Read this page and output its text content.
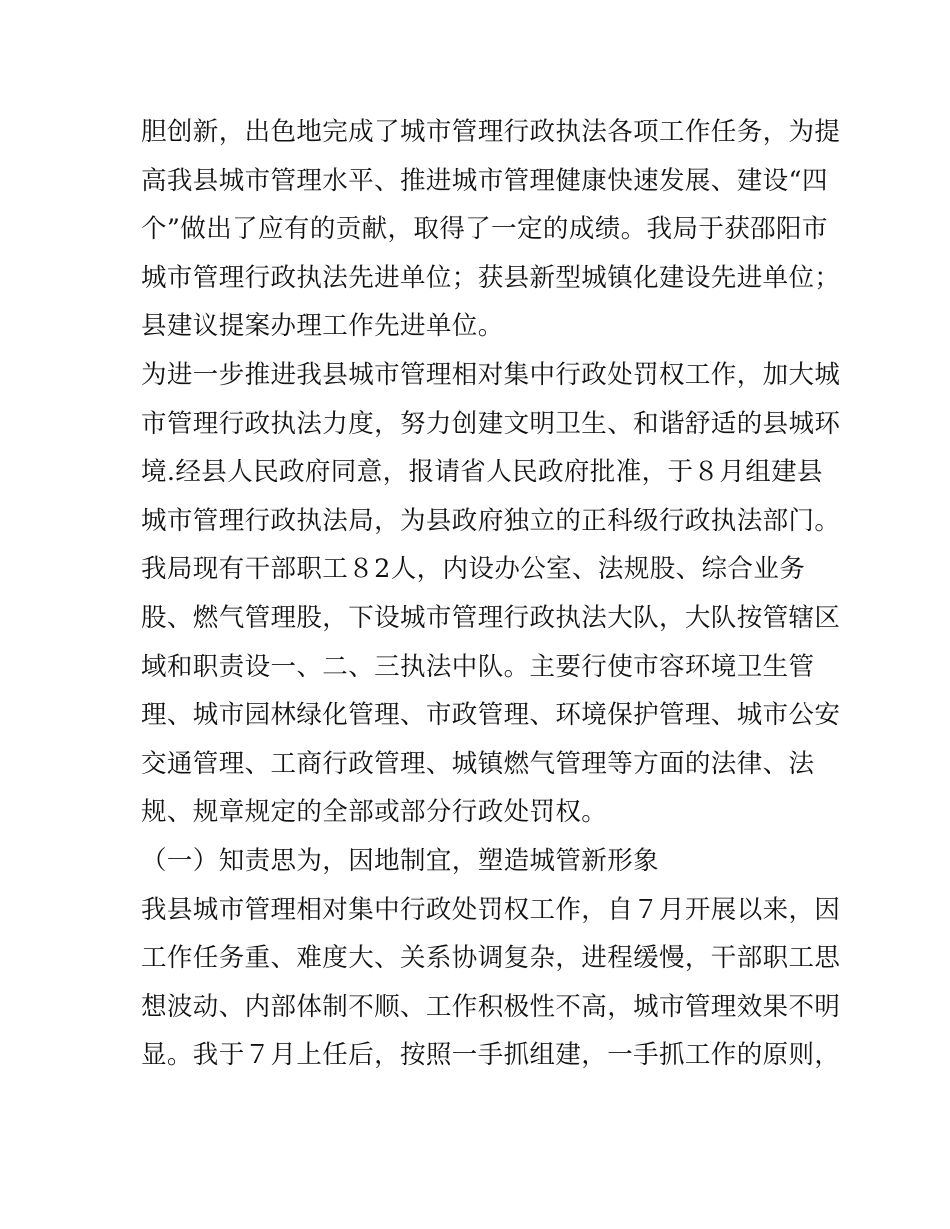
胆创新，出色地完成了城市管理行政执法各项工作任务，为提
高我县城市管理水平、推进城市管理健康快速发展、建设“四
个”做出了应有的贡献，取得了一定的成绩。我局于获邵阳市
城市管理行政执法先进单位；获县新型城镇化建设先进单位；
县建议提案办理工作先进单位。
为进一步推进我县城市管理相对集中行政处罚权工作，加大城
市管理行政执法力度，努力创建文明卫生、和谐舒适的县城环
境.经县人民政府同意，报请省人民政府批准，于８月组建县
城市管理行政执法局，为县政府独立的正科级行政执法部门。
我局现有干部职工８2人，内设办公室、法规股、综合业务
股、燃气管理股，下设城市管理行政执法大队，大队按管辖区
域和职责设一、二、三执法中队。主要行使市容环境卫生管
理、城市园林绿化管理、市政管理、环境保护管理、城市公安
交通管理、工商行政管理、城镇燃气管理等方面的法律、法
规、规章规定的全部或部分行政处罚权。
（一）知责思为，因地制宜，塑造城管新形象
我县城市管理相对集中行政处罚权工作，自７月开展以来，因
工作任务重、难度大、关系协调复杂，进程缓慢，干部职工思
想波动、内部体制不顺、工作积极性不高，城市管理效果不明
显。我于７月上任后，按照一手抓组建，一手抓工作的原则，
